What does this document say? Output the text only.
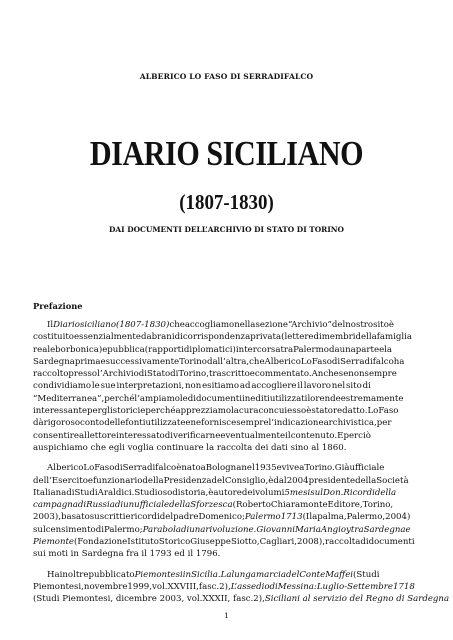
ALBERICO LO FASO DI SERRADIFALCO
DIARIO SICILIANO
(1807-1830)
DAI DOCUMENTI DELL’ARCHIVIO DI STATO DI TORINO
Prefazione
Il Diario siciliano (1807-1830) che accogliamo nella sezione “Archivio” del nostro sito è
costituito essenzialmente da brani di corrispondenza privata (lettere di membri della famiglia
reale borbonica) e pubblica (rapporti diplomatici) intercorsa tra Palermo da una parte e la
Sardegna prima e successivamente Torino dall’altra, che Alberico Lo Faso di Serradifalco ha
raccolto presso l’Archivio di Stato di Torino, trascritto e commentato. Anche se non sempre
condividiamo le sue interpretazioni, non esitiamo ad accogliere il lavoro nel sito di
“Mediterranea”, perché l’ampia mole di documenti inediti utilizzati lo rende estremamente
interessante per gli storici e perché apprezziamo la cura con cui esso è stato redatto. Lo Faso
dà rigoroso conto delle fonti utilizzate e ne fornisce sempre l’indicazione archivistica, per
consentire al lettore interessato di verificarne eventualmente il contenuto. E perciò
auspichiamo che egli voglia continuare la raccolta dei dati sino al 1860.
Alberico Lo Faso di Serradifalco è nato a Bologna nel 1935 e vive a Torino. Già ufficiale
dell’Esercito e funzionario della Presidenza del Consiglio, è dal 2004 presidente della Società
Italiana di Studi Araldici. Studioso di storia, è autore dei volumi 5 mesi sul Don. Ricordi della
campagna di Russia di un ufficiale della Sforzesca (Roberto Chiaramonte Editore, Torino,
2003), basato su scritti e ricordi del padre Domenico; Palermo 1713 (Ilapalma, Palermo, 2004)
sul censimento di Palermo; Parabola di una rivoluzione. Giovanni Maria Angioy tra Sardegna e
Piemonte (Fondazione Istituto Storico Giuseppe Siotto, Cagliari, 2008), raccolta di documenti
sui moti in Sardegna fra il 1793 ed il 1796.
Ha inoltre pubblicato Piemontesi in Sicilia. La lunga marcia del Conte Maffei (Studi
Piemontesi, novembre 1999, vol. XXVIII, fasc.2), L’assedio di Messina: Luglio-Settembre 1718
(Studi Piemontesi, dicembre 2003, vol.XXXII, fasc.2), Siciliani al servizio del Regno di Sardegna
1
